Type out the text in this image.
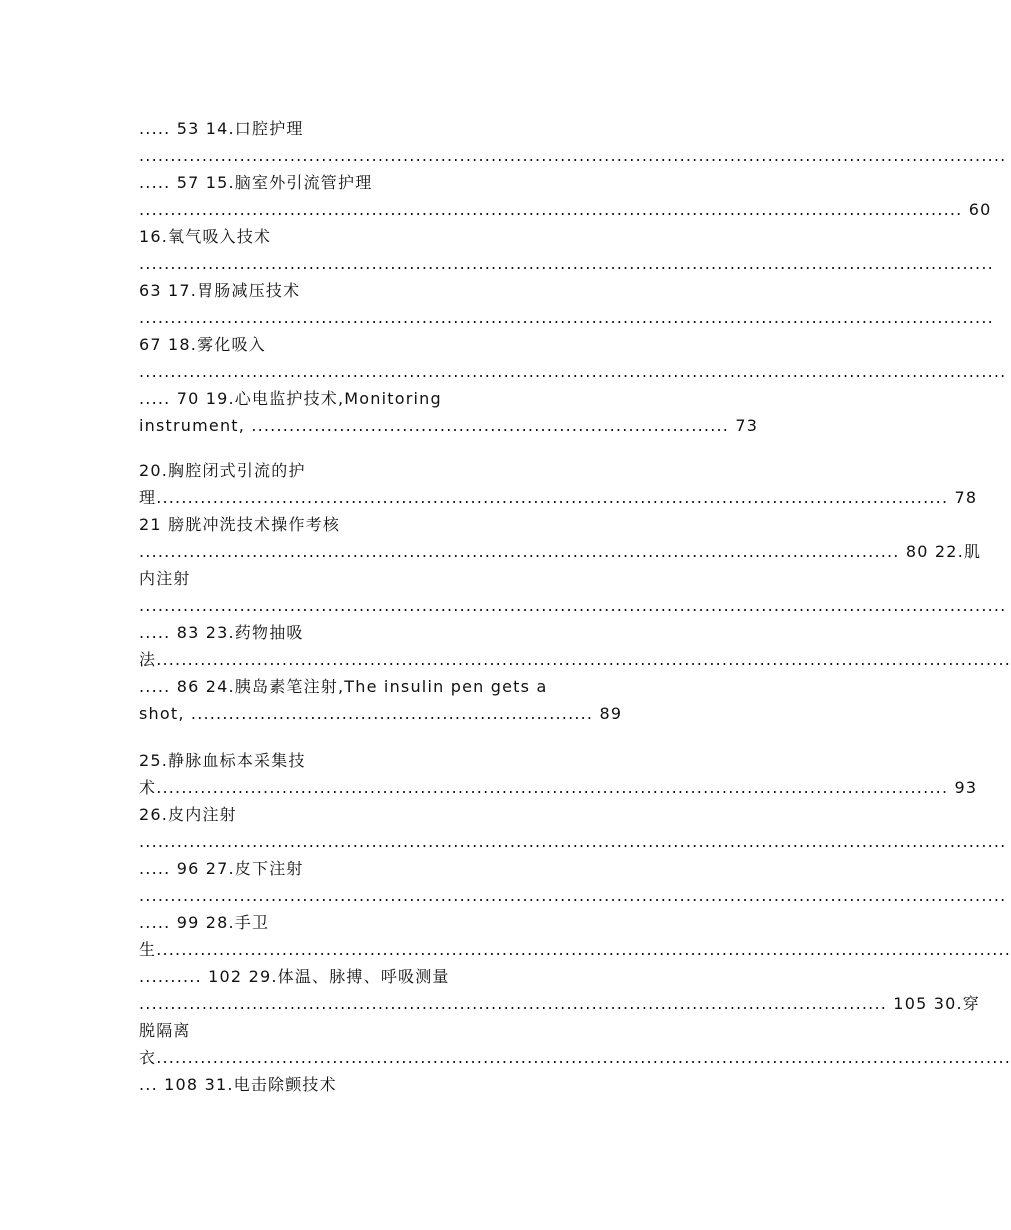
..... 53 14.口腔护理
..........................................................................................................................................
..... 57 15.脑室外引流管护理
................................................................................................................................... 60
16.氧气吸入技术
........................................................................................................................................
63 17.胃肠减压技术
........................................................................................................................................
67 18.雾化吸入
..........................................................................................................................................
..... 70 19.心电监护技术,Monitoring
instrument, ............................................................................ 73
20.胸腔闭式引流的护
理.............................................................................................................................. 78
21 膀胱冲洗技术操作考核
......................................................................................................................... 80 22.肌
内注射
..........................................................................................................................................
..... 83 23.药物抽吸
法........................................................................................................................................
..... 86 24.胰岛素笔注射,The insulin pen gets a
shot, ................................................................ 89
25.静脉血标本采集技
术.............................................................................................................................. 93
26.皮内注射
..........................................................................................................................................
..... 96 27.皮下注射
..........................................................................................................................................
..... 99 28.手卫
生........................................................................................................................................
.......... 102 29.体温、脉搏、呼吸测量
....................................................................................................................... 105 30.穿
脱隔离
衣........................................................................................................................................
... 108 31.电击除颤技术
